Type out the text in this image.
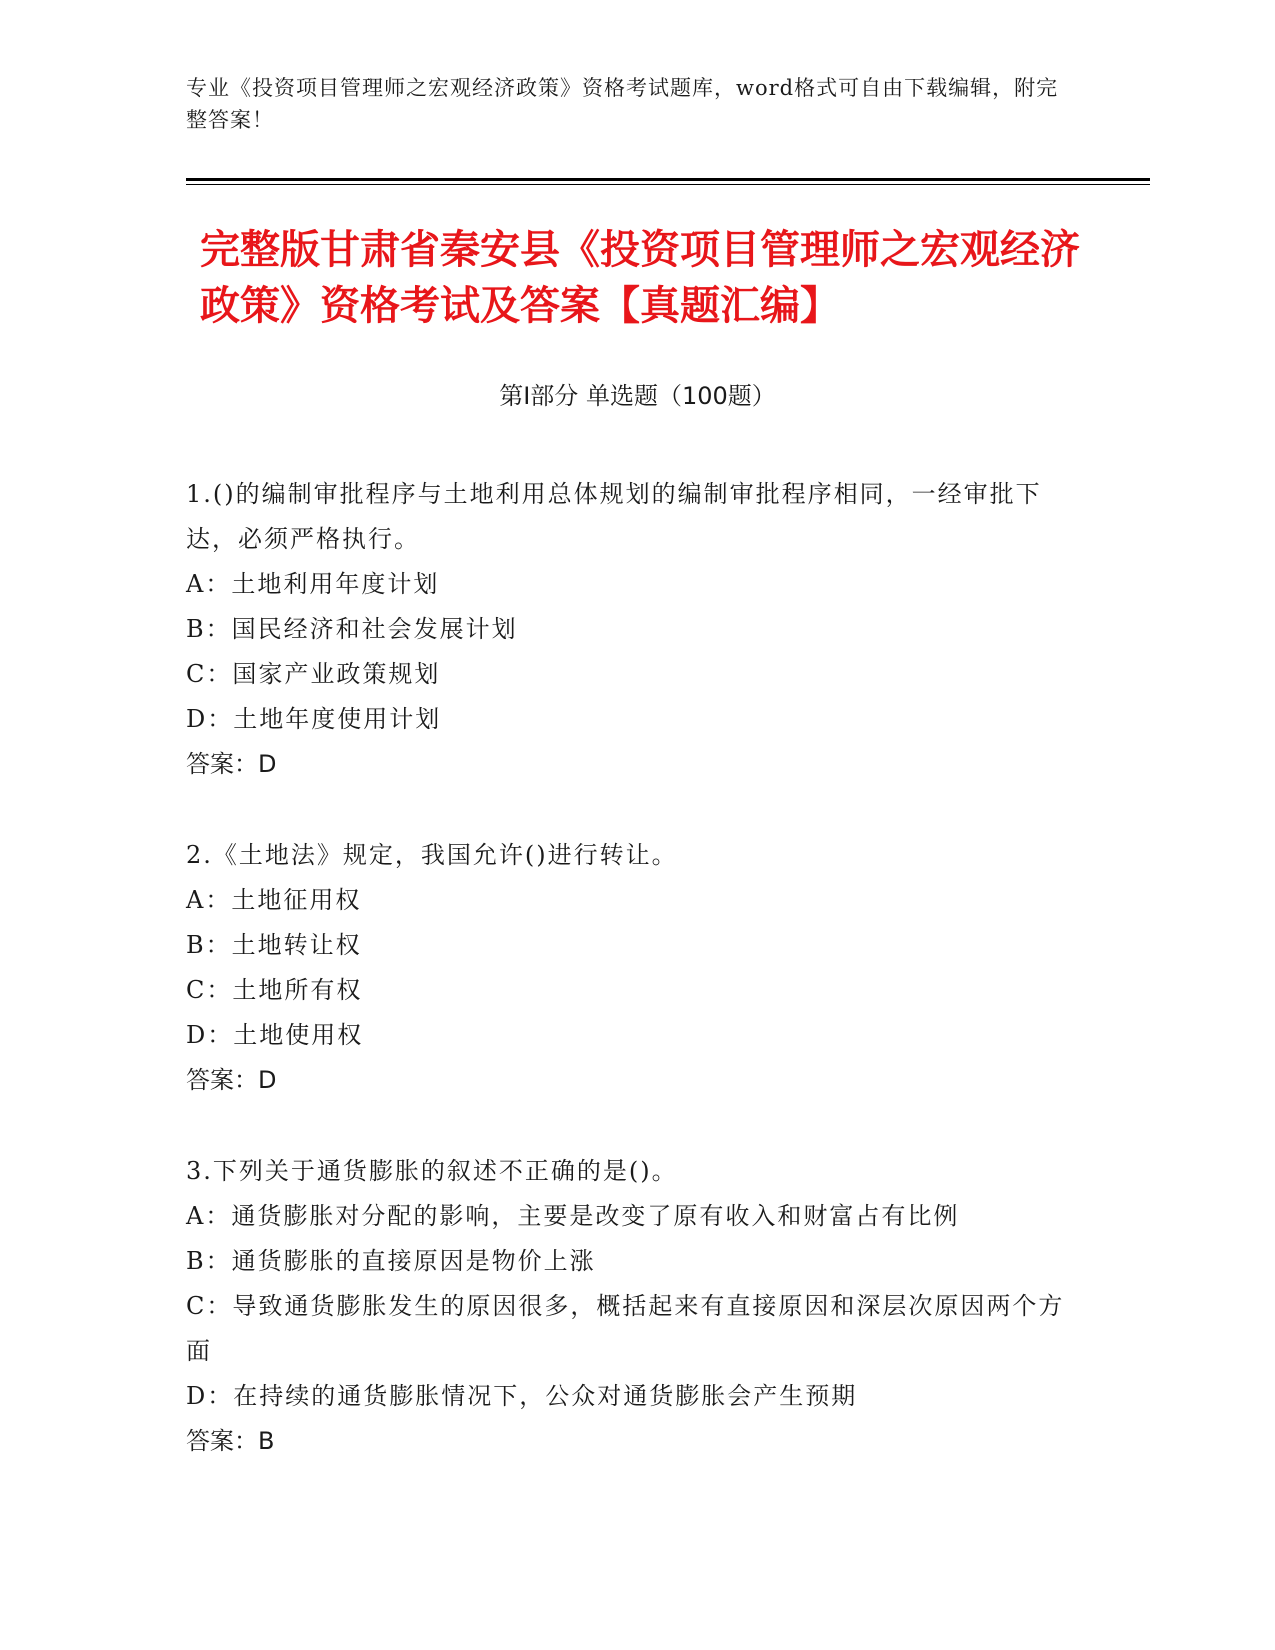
专业《投资项目管理师之宏观经济政策》资格考试题库，word格式可自由下载编辑，附完整答案！
完整版甘肃省秦安县《投资项目管理师之宏观经济政策》资格考试及答案【真题汇编】
第Ⅰ部分 单选题（100题）
1.()的编制审批程序与土地利用总体规划的编制审批程序相同，一经审批下达，必须严格执行。
A：土地利用年度计划
B：国民经济和社会发展计划
C：国家产业政策规划
D：土地年度使用计划
答案：D
2.《土地法》规定，我国允许()进行转让。
A：土地征用权
B：土地转让权
C：土地所有权
D：土地使用权
答案：D
3.下列关于通货膨胀的叙述不正确的是()。
A：通货膨胀对分配的影响，主要是改变了原有收入和财富占有比例
B：通货膨胀的直接原因是物价上涨
C：导致通货膨胀发生的原因很多，概括起来有直接原因和深层次原因两个方面
D：在持续的通货膨胀情况下，公众对通货膨胀会产生预期
答案：B
